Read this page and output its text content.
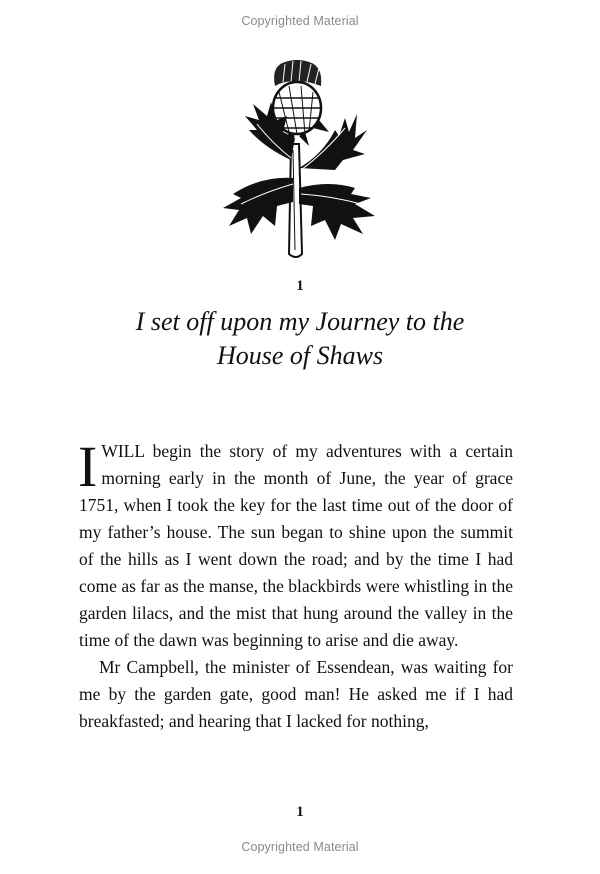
Copyrighted Material
1
I set off upon my Journey to the
House of Shaws

I WILL begin the story of my adventures with a certain morning early in the month of June, the year of grace 1751, when I took the key for the last time out of the door of my father’s house. The sun began to shine upon the summit of the hills as I went down the road; and by the time I had come as far as the manse, the blackbirds were whistling in the garden lilacs, and the mist that hung around the valley in the time of the dawn was beginning to arise and die away.

Mr Campbell, the minister of Essendean, was waiting for me by the garden gate, good man! He asked me if I had breakfasted; and hearing that I lacked for nothing,

1
Copyrighted Material
